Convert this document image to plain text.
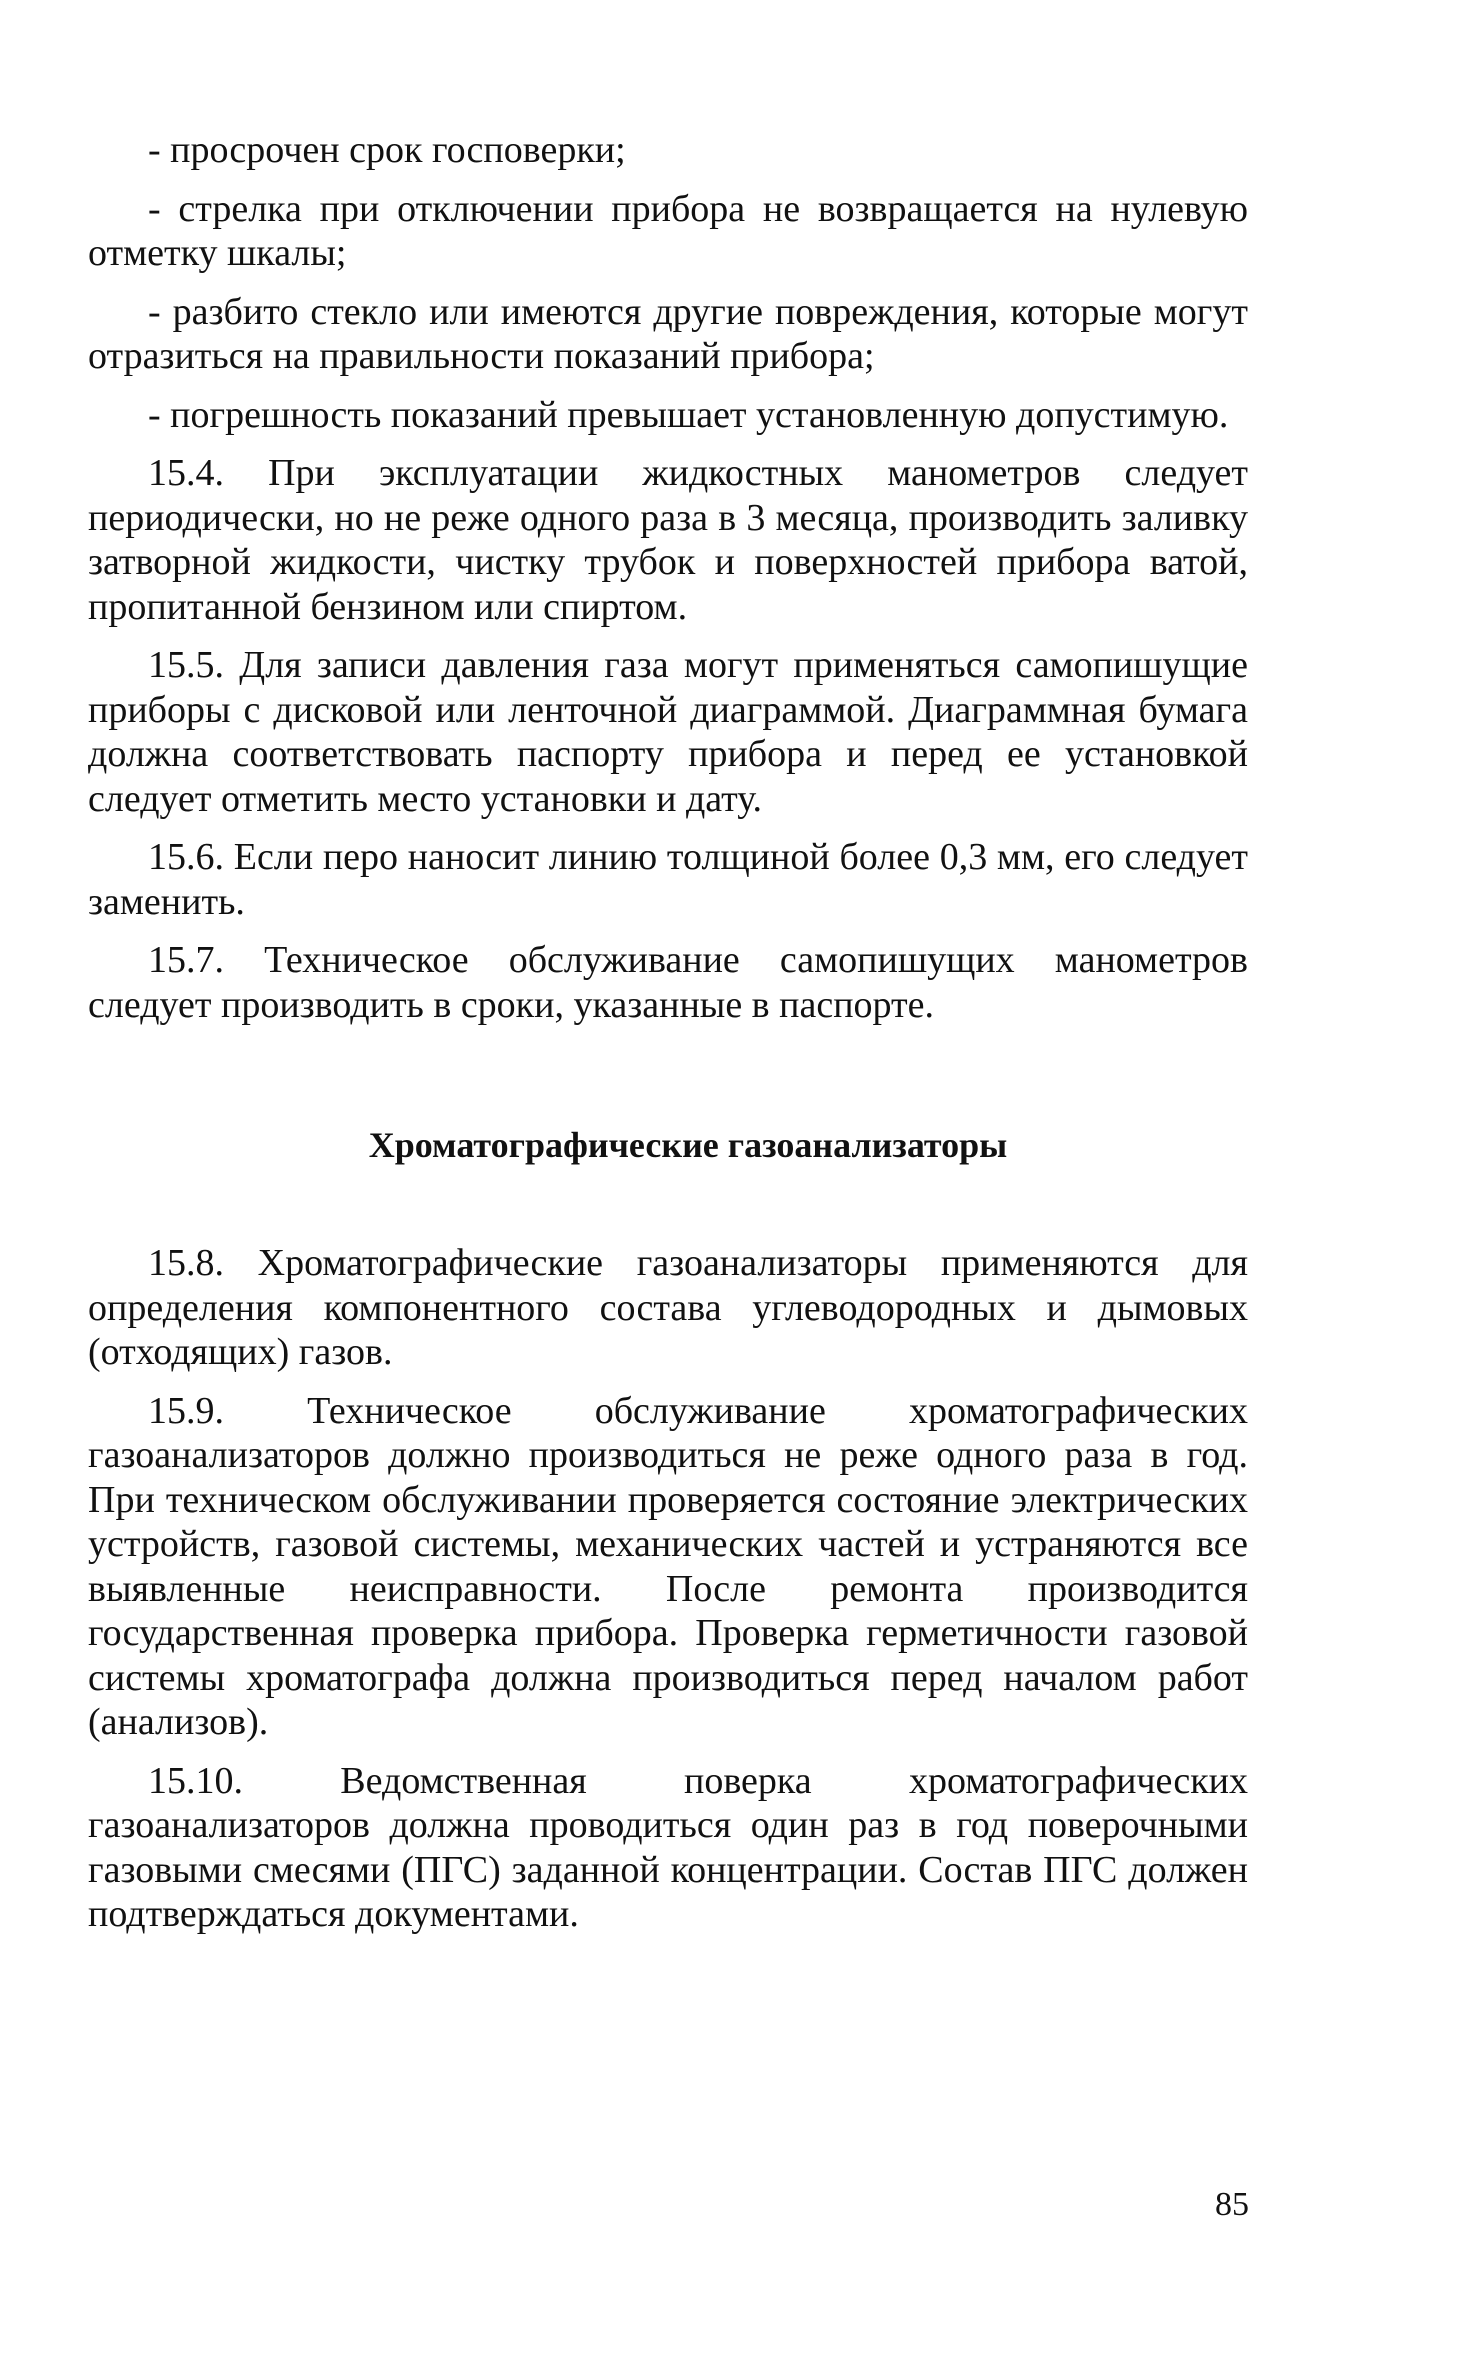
- просрочен срок госповерки;

- стрелка при отключении прибора не возвращается на нулевую отметку шкалы;

- разбито стекло или имеются другие повреждения, которые могут отразиться на правильности показаний прибора;

- погрешность показаний превышает установленную допустимую.

15.4. При эксплуатации жидкостных манометров следует периодически, но не реже одного раза в 3 месяца, производить заливку затворной жидкости, чистку трубок и поверхностей прибора ватой, пропитанной бензином или спиртом.

15.5. Для записи давления газа могут применяться самопишущие приборы с дисковой или ленточной диаграммой. Диаграммная бумага должна соответствовать паспорту прибора и перед ее установкой следует отметить место установки и дату.

15.6. Если перо наносит линию толщиной более 0,3 мм, его следует заменить.

15.7. Техническое обслуживание самопишущих манометров следует производить в сроки, указанные в паспорте.

Хроматографические газоанализаторы

15.8. Хроматографические газоанализаторы применяются для определения компонентного состава углеводородных и дымовых (отходящих) газов.

15.9. Техническое обслуживание хроматографических газоанализаторов должно производиться не реже одного раза в год. При техническом обслуживании проверяется состояние электрических устройств, газовой системы, механических частей и устраняются все выявленные неисправности. После ремонта производится государственная проверка прибора. Проверка герметичности газовой системы хроматографа должна производиться перед началом работ (анализов).

15.10. Ведомственная поверка хроматографических газоанализаторов должна проводиться один раз в год поверочными газовыми смесями (ПГС) заданной концентрации. Состав ПГС должен подтверждаться документами.

85
